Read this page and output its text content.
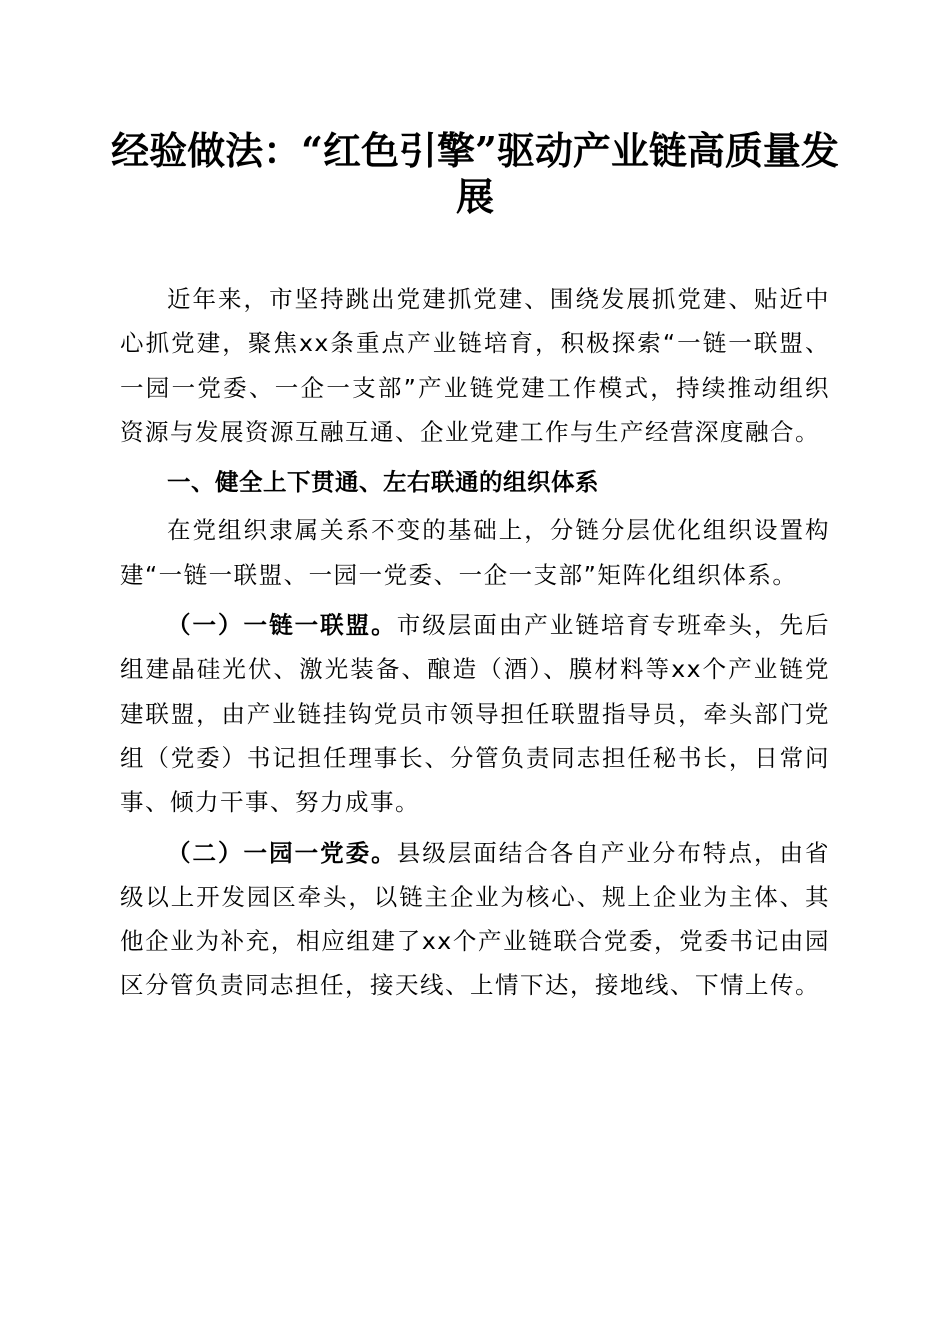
经验做法：“红色引擎”驱动产业链高质量发展

近年来，市坚持跳出党建抓党建、围绕发展抓党建、贴近中心抓党建，聚焦xx条重点产业链培育，积极探索“一链一联盟、一园一党委、一企一支部”产业链党建工作模式，持续推动组织资源与发展资源互融互通、企业党建工作与生产经营深度融合。

一、健全上下贯通、左右联通的组织体系

在党组织隶属关系不变的基础上，分链分层优化组织设置构建“一链一联盟、一园一党委、一企一支部”矩阵化组织体系。

（一）一链一联盟。市级层面由产业链培育专班牵头，先后组建晶硅光伏、激光装备、酿造（酒）、膜材料等xx个产业链党建联盟，由产业链挂钩党员市领导担任联盟指导员，牵头部门党组（党委）书记担任理事长、分管负责同志担任秘书长，日常问事、倾力干事、努力成事。

（二）一园一党委。县级层面结合各自产业分布特点，由省级以上开发园区牵头，以链主企业为核心、规上企业为主体、其他企业为补充，相应组建了xx个产业链联合党委，党委书记由园区分管负责同志担任，接天线、上情下达，接地线、下情上传。
